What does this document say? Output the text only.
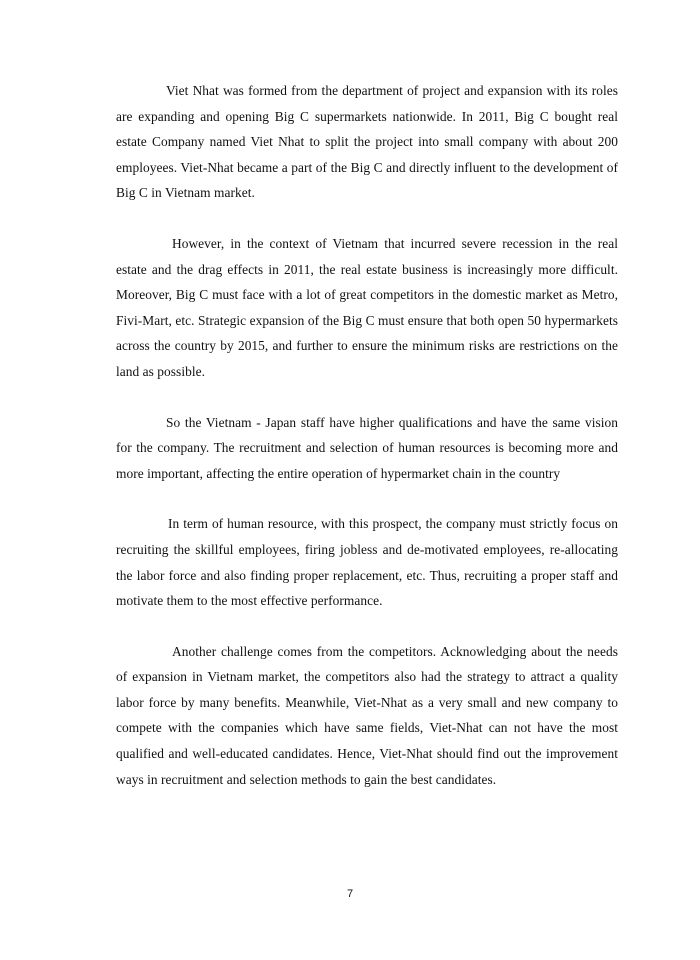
Viet Nhat was formed from the department of project and expansion with its roles are expanding and opening Big C supermarkets nationwide. In 2011, Big C bought real estate Company named Viet Nhat to split the project into small company with about 200 employees. Viet-Nhat became a part of the Big C and directly influent to the development of Big C in Vietnam market.

However, in the context of Vietnam that incurred severe recession in the real estate and the drag effects in 2011, the real estate business is increasingly more difficult. Moreover, Big C must face with a lot of great competitors in the domestic market as Metro, Fivi-Mart, etc. Strategic expansion of the Big C must ensure that both open 50 hypermarkets across the country by 2015, and further to ensure the minimum risks are restrictions on the land as possible.

So the Vietnam - Japan staff have higher qualifications and have the same vision for the company. The recruitment and selection of human resources is becoming more and more important, affecting the entire operation of hypermarket chain in the country

In term of human resource, with this prospect, the company must strictly focus on recruiting the skillful employees, firing jobless and de-motivated employees, re-allocating the labor force and also finding proper replacement, etc. Thus, recruiting a proper staff and motivate them to the most effective performance.

Another challenge comes from the competitors. Acknowledging about the needs of expansion in Vietnam market, the competitors also had the strategy to attract a quality labor force by many benefits. Meanwhile, Viet-Nhat as a very small and new company to compete with the companies which have same fields, Viet-Nhat can not have the most qualified and well-educated candidates. Hence, Viet-Nhat should find out the improvement ways in recruitment and selection methods to gain the best candidates.

7
